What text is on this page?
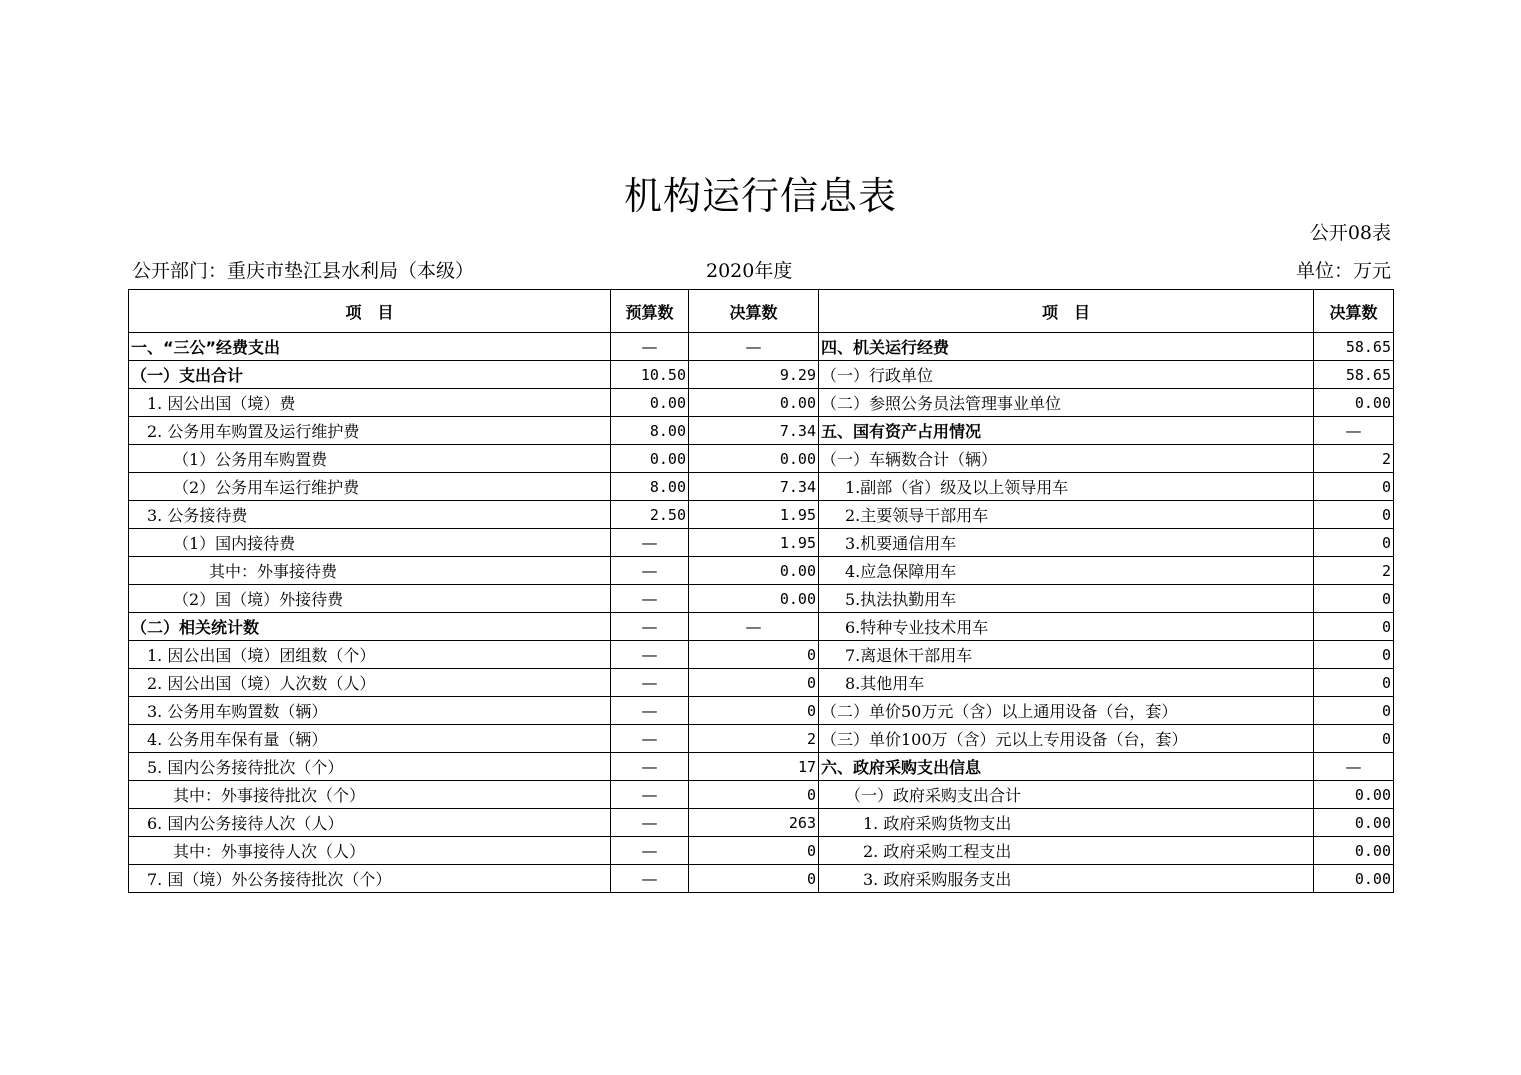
机构运行信息表
公开08表
公开部门：重庆市垫江县水利局（本级）	2020年度	单位：万元
项　目	预算数	决算数	项　目	决算数
一、“三公”经费支出	—	—	四、机关运行经费	58.65
（一）支出合计	10.50	9.29	（一）行政单位	58.65
1. 因公出国（境）费	0.00	0.00	（二）参照公务员法管理事业单位	0.00
2. 公务用车购置及运行维护费	8.00	7.34	五、国有资产占用情况	—
（1）公务用车购置费	0.00	0.00	（一）车辆数合计（辆）	2
（2）公务用车运行维护费	8.00	7.34	1.副部（省）级及以上领导用车	0
3. 公务接待费	2.50	1.95	2.主要领导干部用车	0
（1）国内接待费	—	1.95	3.机要通信用车	0
其中：外事接待费	—	0.00	4.应急保障用车	2
（2）国（境）外接待费	—	0.00	5.执法执勤用车	0
（二）相关统计数	—	—	6.特种专业技术用车	0
1. 因公出国（境）团组数（个）	—	0	7.离退休干部用车	0
2. 因公出国（境）人次数（人）	—	0	8.其他用车	0
3. 公务用车购置数（辆）	—	0	（二）单价50万元（含）以上通用设备（台，套）	0
4. 公务用车保有量（辆）	—	2	（三）单价100万（含）元以上专用设备（台，套）	0
5. 国内公务接待批次（个）	—	17	六、政府采购支出信息	—
其中：外事接待批次（个）	—	0	（一）政府采购支出合计	0.00
6. 国内公务接待人次（人）	—	263	1. 政府采购货物支出	0.00
其中：外事接待人次（人）	—	0	2. 政府采购工程支出	0.00
7. 国（境）外公务接待批次（个）	—	0	3. 政府采购服务支出	0.00
